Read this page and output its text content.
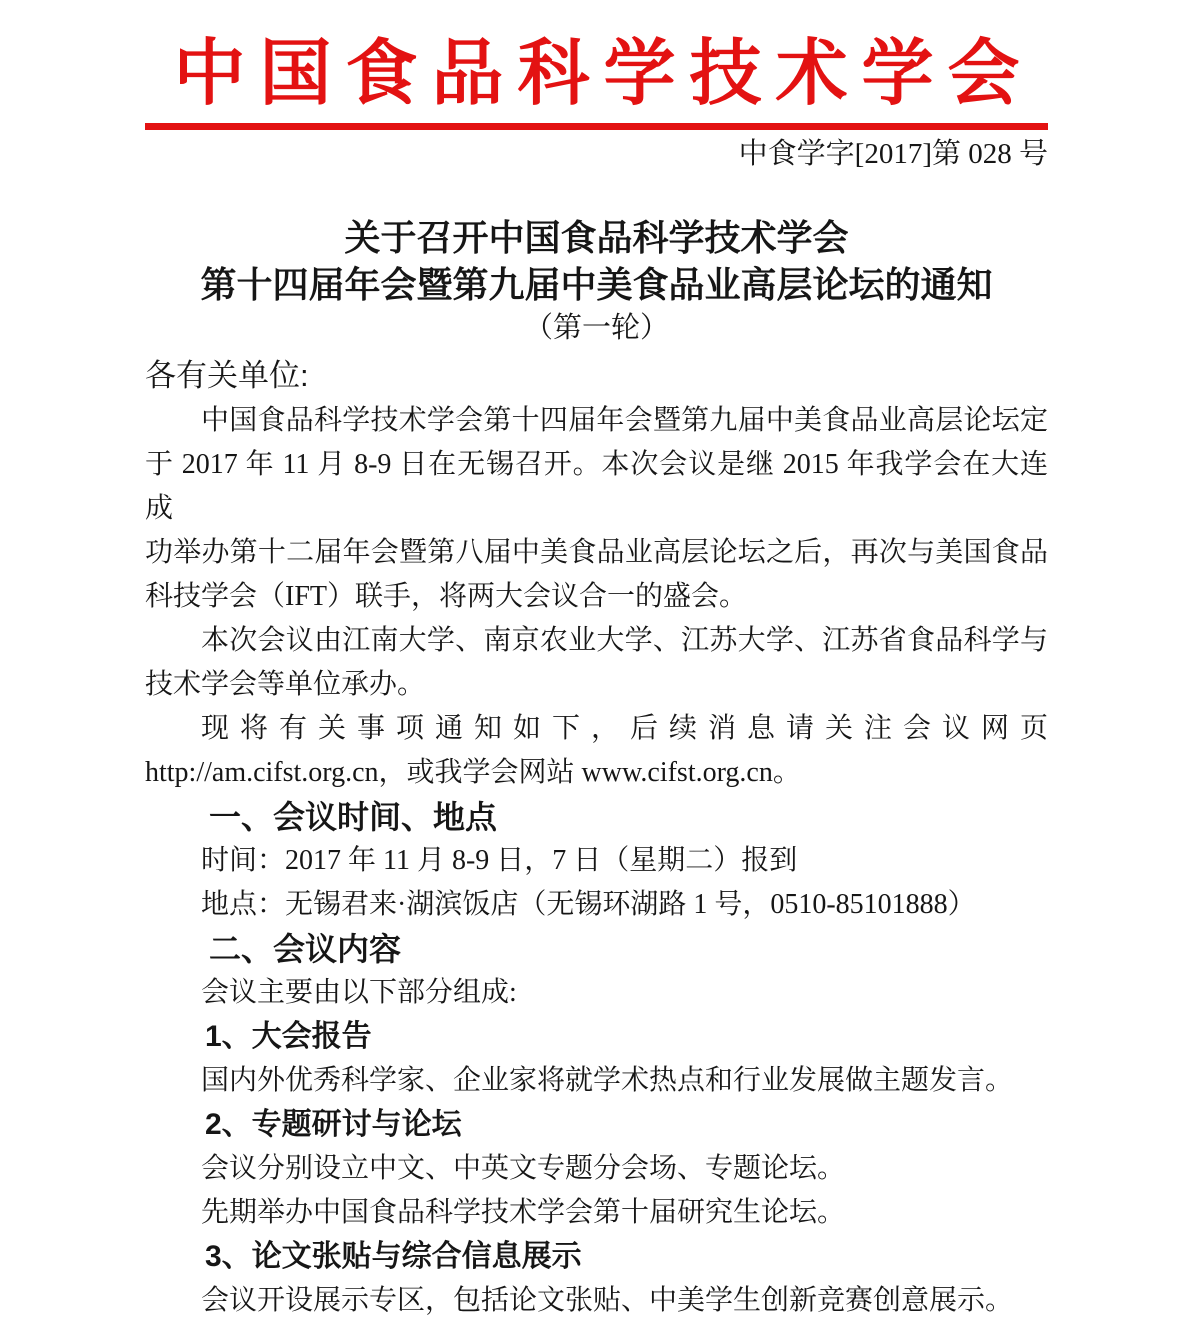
中国食品科学技术学会
中食学字[2017]第 028 号
关于召开中国食品科学技术学会
第十四届年会暨第九届中美食品业高层论坛的通知
（第一轮）
各有关单位:
中国食品科学技术学会第十四届年会暨第九届中美食品业高层论坛定
于 2017 年 11 月 8-9 日在无锡召开。本次会议是继 2015 年我学会在大连成
功举办第十二届年会暨第八届中美食品业高层论坛之后，再次与美国食品
科技学会（IFT）联手，将两大会议合一的盛会。
本次会议由江南大学、南京农业大学、江苏大学、江苏省食品科学与
技术学会等单位承办。
现将有关事项通知如下，后续消息请关注会议网页
http://am.cifst.org.cn，或我学会网站 www.cifst.org.cn。
一、会议时间、地点
时间：2017 年 11 月 8-9 日，7 日（星期二）报到
地点：无锡君来·湖滨饭店（无锡环湖路 1 号，0510-85101888）
二、会议内容
会议主要由以下部分组成:
1、大会报告
国内外优秀科学家、企业家将就学术热点和行业发展做主题发言。
2、专题研讨与论坛
会议分别设立中文、中英文专题分会场、专题论坛。
先期举办中国食品科学技术学会第十届研究生论坛。
3、论文张贴与综合信息展示
会议开设展示专区，包括论文张贴、中美学生创新竞赛创意展示。
